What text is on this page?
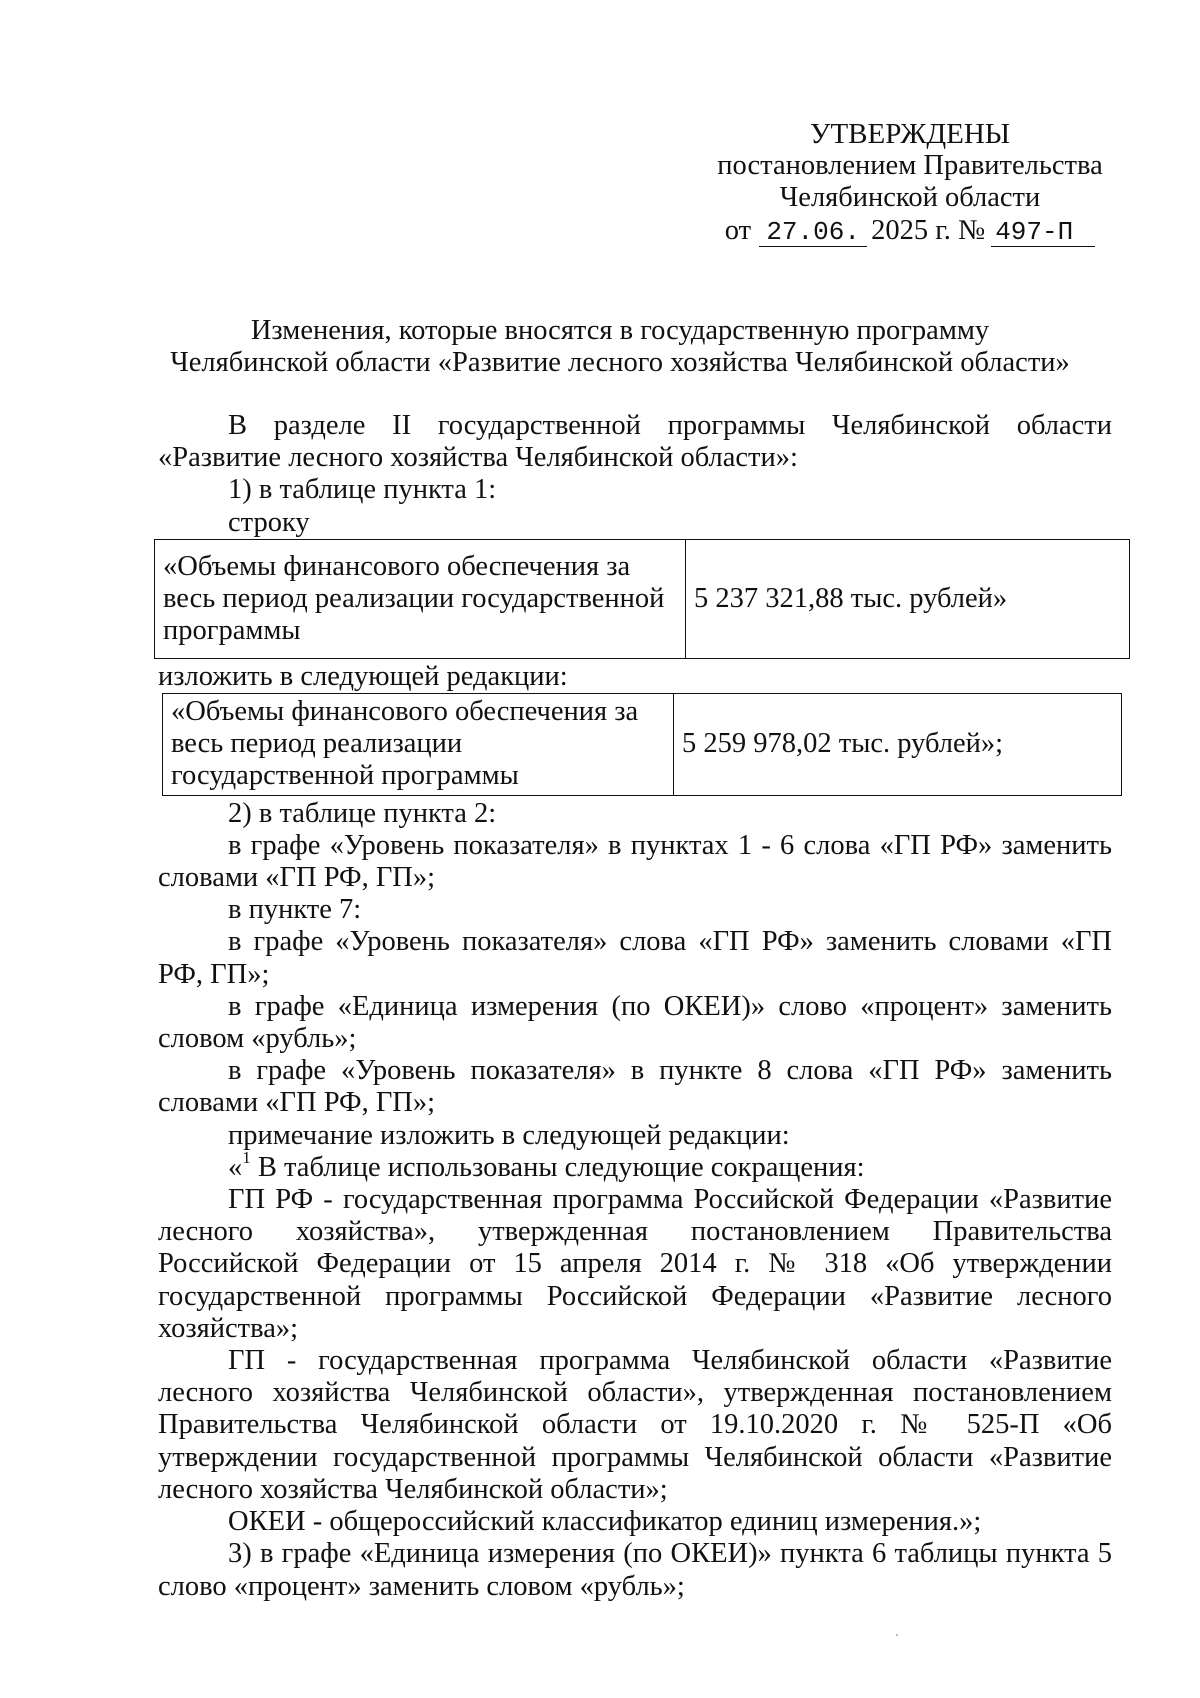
УТВЕРЖДЕНЫ

постановлением Правительства

Челябинской области

от 27.06. 2025 г. № 497-П

Изменения, которые вносятся в государственную программу

Челябинской области «Развитие лесного хозяйства Челябинской области»

В разделе II государственной программы Челябинской области «Развитие лесного хозяйства Челябинской области»:

1) в таблице пункта 1:

строку

«Объемы финансового обеспечения за весь период реализации государственной программы	5 237 321,88 тыс. рублей»

изложить в следующей редакции:

«Объемы финансового обеспечения за весь период реализации государственной программы	5 259 978,02 тыс. рублей»;

2) в таблице пункта 2:

в графе «Уровень показателя» в пунктах 1 - 6 слова «ГП РФ» заменить словами «ГП РФ, ГП»;

в пункте 7:

в графе «Уровень показателя» слова «ГП РФ» заменить словами «ГП РФ, ГП»;

в графе «Единица измерения (по ОКЕИ)» слово «процент» заменить словом «рубль»;

в графе «Уровень показателя» в пункте 8 слова «ГП РФ» заменить словами «ГП РФ, ГП»;

примечание изложить в следующей редакции:

«$^1$ В таблице использованы следующие сокращения:

ГП РФ - государственная программа Российской Федерации «Развитие лесного хозяйства», утвержденная постановлением Правительства Российской Федерации от 15 апреля 2014 г. № 318 «Об утверждении государственной программы Российской Федерации «Развитие лесного хозяйства»;

ГП - государственная программа Челябинской области «Развитие лесного хозяйства Челябинской области», утвержденная постановлением Правительства Челябинской области от 19.10.2020 г. № 525-П «Об утверждении государственной программы Челябинской области «Развитие лесного хозяйства Челябинской области»;

ОКЕИ - общероссийский классификатор единиц измерения.»;

3) в графе «Единица измерения (по ОКЕИ)» пункта 6 таблицы пункта 5 слово «процент» заменить словом «рубль»;
